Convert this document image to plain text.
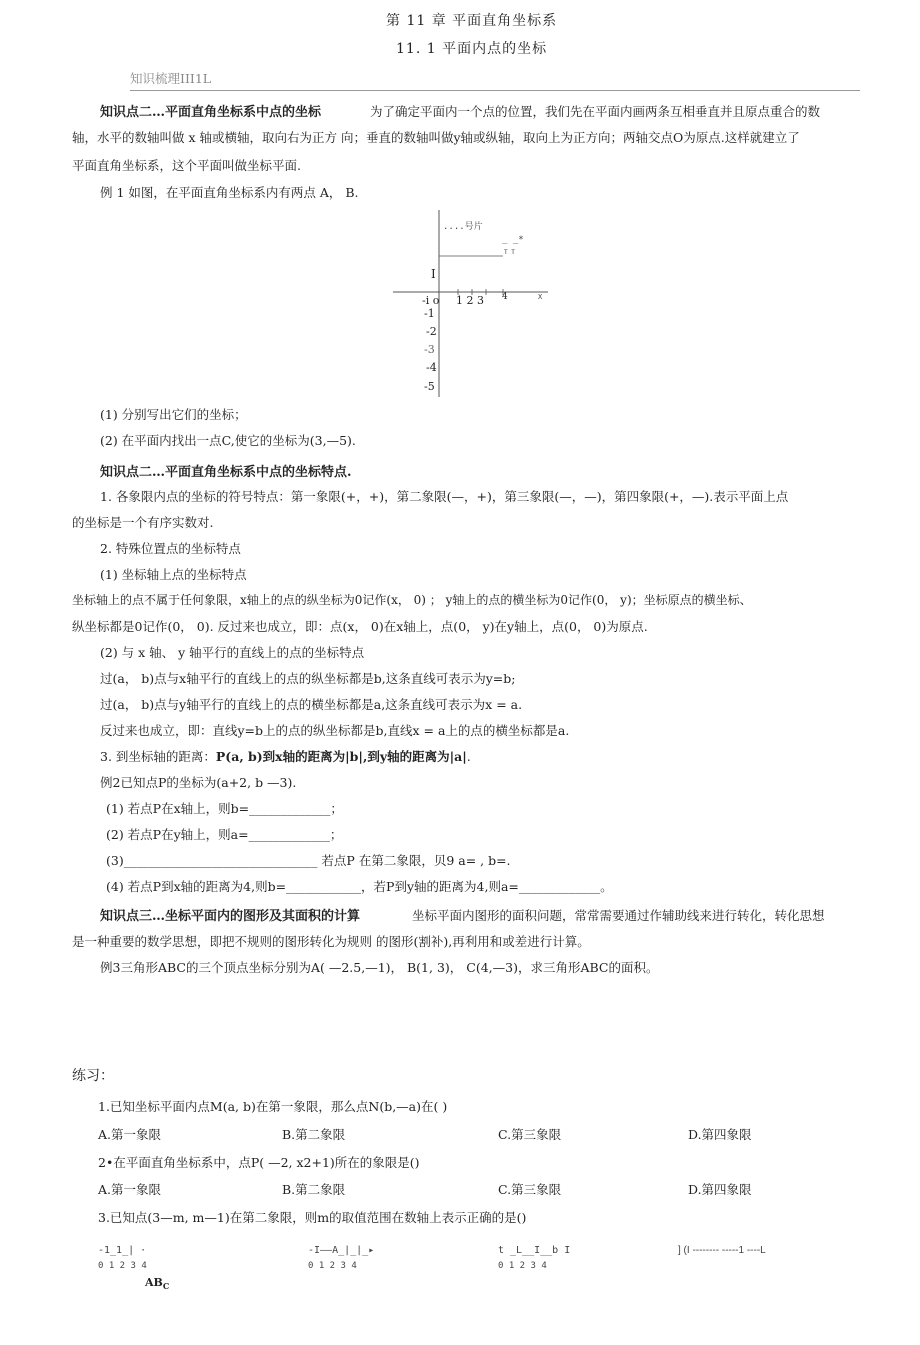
第 11 章 平面直角坐标系
11. 1 平面内点的坐标
知识梳理III1L
知识点二…平面直角坐标系中点的坐标	为了确定平面内一个点的位置，我们先在平面内画两条互相垂直并且原点重合的数
轴，水平的数轴叫做 x 轴或横轴，取向右为正方 向；垂直的数轴叫做y轴或纵轴，取向上为正方向；两轴交点O为原点.这样就建立了
平面直角坐标系，这个平面叫做坐标平面.
例 1 如图，在平面直角坐标系内有两点 A， B.
....号片
_ _*
T T
I
-i o 1 2 3 4	X
-1
-2
-3
-4
-5
(1) 分别写出它们的坐标；
(2) 在平面内找出一点C,使它的坐标为(3,—5).
知识点二…平面直角坐标系中点的坐标特点.
1. 各象限内点的坐标的符号特点：第一象限(+，+)，第二象限(—，+)，第三象限(—，—)，第四象限(+，—).表示平面上点
的坐标是一个有序实数对.
2. 特殊位置点的坐标特点
(1) 坐标轴上点的坐标特点
坐标轴上的点不属于任何象限，x轴上的点的纵坐标为0记作(x， 0) ； y轴上的点的横坐标为0记作(0， y)；坐标原点的横坐标、
纵坐标都是0记作(0， 0). 反过来也成立，即：点(x， 0)在x轴上，点(0， y)在y轴上，点(0， 0)为原点.
(2) 与 x 轴、 y 轴平行的直线上的点的坐标特点
过(a， b)点与x轴平行的直线上的点的纵坐标都是b,这条直线可表示为y=b;
过(a， b)点与y轴平行的直线上的点的横坐标都是a,这条直线可表示为x = a.
反过来也成立，即：直线y=b上的点的纵坐标都是b,直线x = a上的点的横坐标都是a.
3. 到坐标轴的距离：P(a, b)到x轴的距离为|b|,到y轴的距离为|a|.
例2已知点P的坐标为(a+2, b —3).
(1) 若点P在x轴上，则b=_____________；
(2) 若点P在y轴上，则a=_____________；
(3)_______________________________ 若点P 在第二象限，贝9 a= , b=.
(4) 若点P到x轴的距离为4,则b=____________，若P到y轴的距离为4,则a=_____________。
知识点三…坐标平面内的图形及其面积的计算	坐标平面内图形的面积问题，常常需要通过作辅助线来进行转化，转化思想
是一种重要的数学思想，即把不规则的图形转化为规则 的图形(割补),再利用和或差进行计算。
例3三角形ABC的三个顶点坐标分别为A( —2.5,—1)， B(1, 3)， C(4,—3)，求三角形ABC的面积。
练习：
1.已知坐标平面内点M(a, b)在第一象限，那么点N(b,—a)在( )
A.第一象限	B.第二象限	C.第三象限	D.第四象限
2•在平面直角坐标系中，点P( —2, x2+1)所在的象限是()
A.第一象限	B.第二象限	C.第三象限	D.第四象限
3.已知点(3—m, m—1)在第二象限，则m的取值范围在数轴上表示正确的是()
-1_1_| ·
0 1 2 3 4
-I——A_|_|_▸
0 1 2 3 4
t _L__I__b I
0 1 2 3 4
] (I -------- -----1 ----L
$AB_C$
